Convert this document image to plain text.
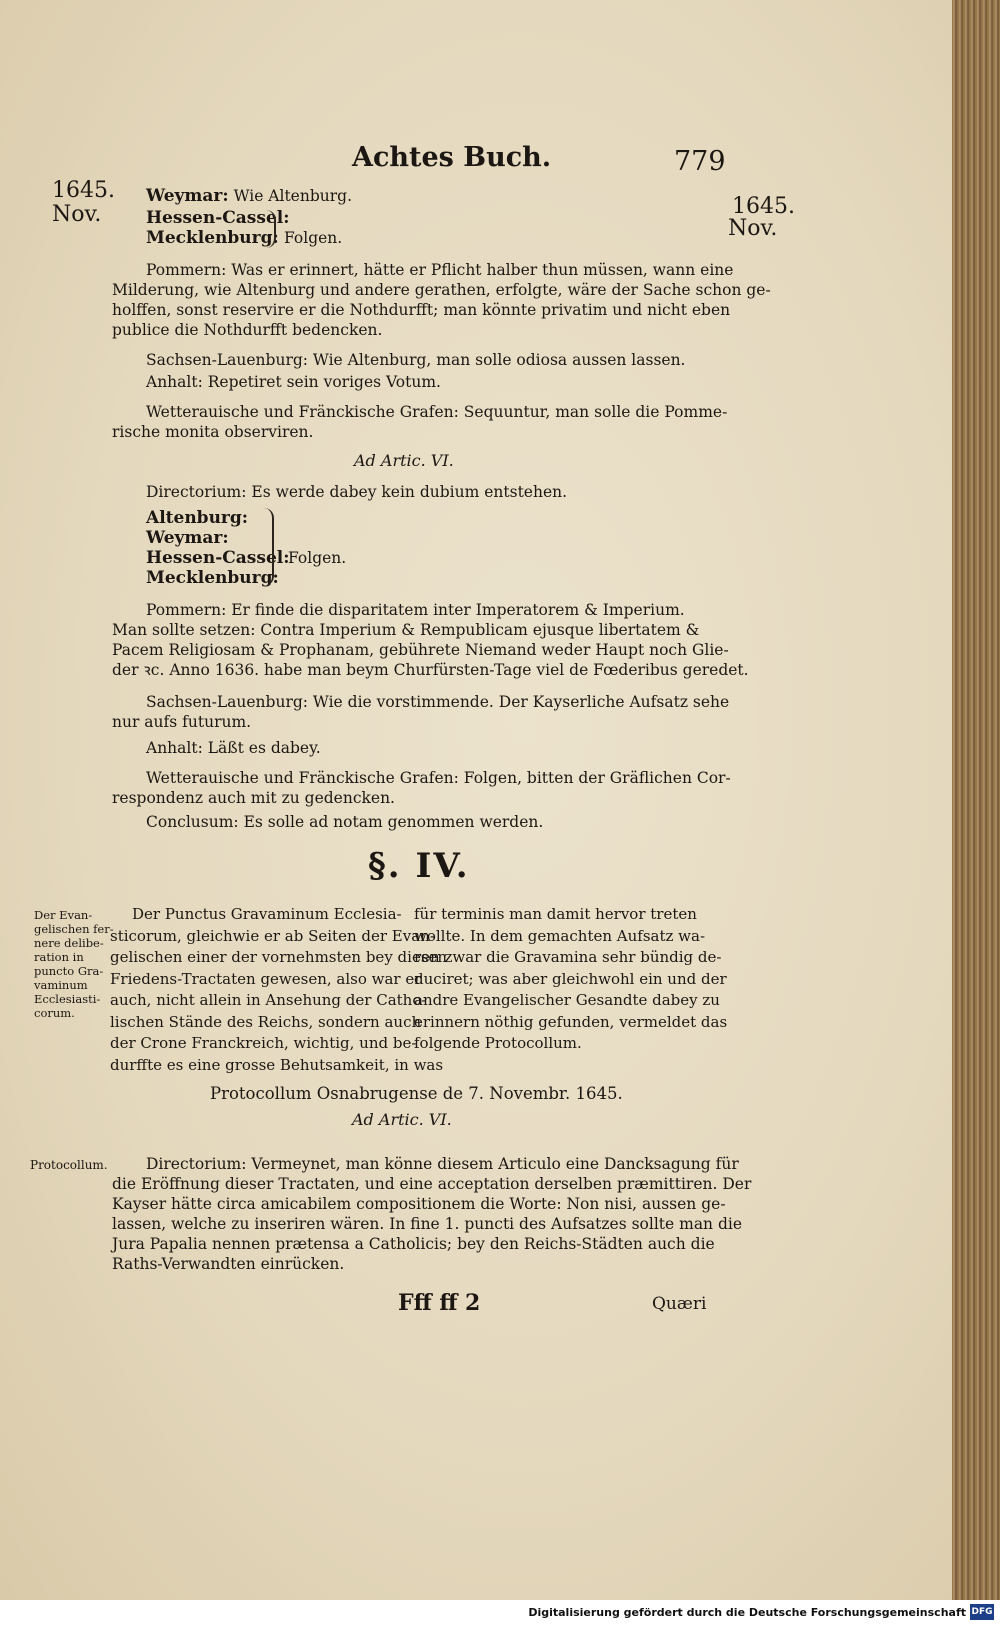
Achtes Buch.	779
1645.
Nov.	1645.
Nov.
Weymar: Wie Altenburg.
Hessen-Cassel:
Mecklenburg: Folgen.
Pommern: Was er erinnert, hätte er Pflicht halber thun müssen, wann eine
Milderung, wie Altenburg und andere gerathen, erfolgte, wäre der Sache schon ge-
holffen, sonst reservire er die Nothdurfft; man könnte privatim und nicht eben
publice die Nothdurfft bedencken.
Sachsen-Lauenburg: Wie Altenburg, man solle odiosa aussen lassen.
Anhalt: Repetiret sein voriges Votum.
Wetterauische und Fränckische Grafen: Sequuntur, man solle die Pomme-
rische monita observiren.
Ad Artic. VI.
Directorium: Es werde dabey kein dubium entstehen.
Altenburg:
Weymar:
Hessen-Cassel:
Mecklenburg:
Folgen.
Pommern: Er finde die disparitatem inter Imperatorem & Imperium.
Man sollte setzen: Contra Imperium & Rempublicam ejusque libertatem &
Pacem Religiosam & Prophanam, gebührete Niemand weder Haupt noch Glie-
der ꝛc. Anno 1636. habe man beym Churfürsten-Tage viel de Fœderibus geredet.
Sachsen-Lauenburg: Wie die vorstimmende. Der Kayserliche Aufsatz sehe
nur aufs futurum.
Anhalt: Läßt es dabey.
Wetterauische und Fränckische Grafen: Folgen, bitten der Gräflichen Cor-
respondenz auch mit zu gedencken.
Conclusum: Es solle ad notam genommen werden.
§. IV.
Der Evan-
gelischen fer-
nere delibe-
ration in
puncto Gra-
vaminum
Ecclesiasti-
corum.
Der Punctus Gravaminum Ecclesia-
sticorum, gleichwie er ab Seiten der Evan-
gelischen einer der vornehmsten bey diesen
Friedens-Tractaten gewesen, also war er
auch, nicht allein in Ansehung der Catho-
lischen Stände des Reichs, sondern auch
der Crone Franckreich, wichtig, und be-
durffte es eine grosse Behutsamkeit, in was
für terminis man damit hervor treten
wollte. In dem gemachten Aufsatz wa-
ren zwar die Gravamina sehr bündig de-
duciret; was aber gleichwohl ein und der
andre Evangelischer Gesandte dabey zu
erinnern nöthig gefunden, vermeldet das
folgende Protocollum.
Protocollum Osnabrugense de 7. Novembr. 1645.
Ad Artic. VI.
Protocollum. Directorium: Vermeynet, man könne diesem Articulo eine Dancksagung für
die Eröffnung dieser Tractaten, und eine acceptation derselben præmittiren. Der
Kayser hätte circa amicabilem compositionem die Worte: Non nisi, aussen ge-
lassen, welche zu inseriren wären. In fine 1. puncti des Aufsatzes sollte man die
Jura Papalia nennen prætensa a Catholicis; bey den Reichs-Städten auch die
Raths-Verwandten einrücken.
Fff ff 2	Quæri
Digitalisierung gefördert durch die Deutsche Forschungsgemeinschaft DFG
